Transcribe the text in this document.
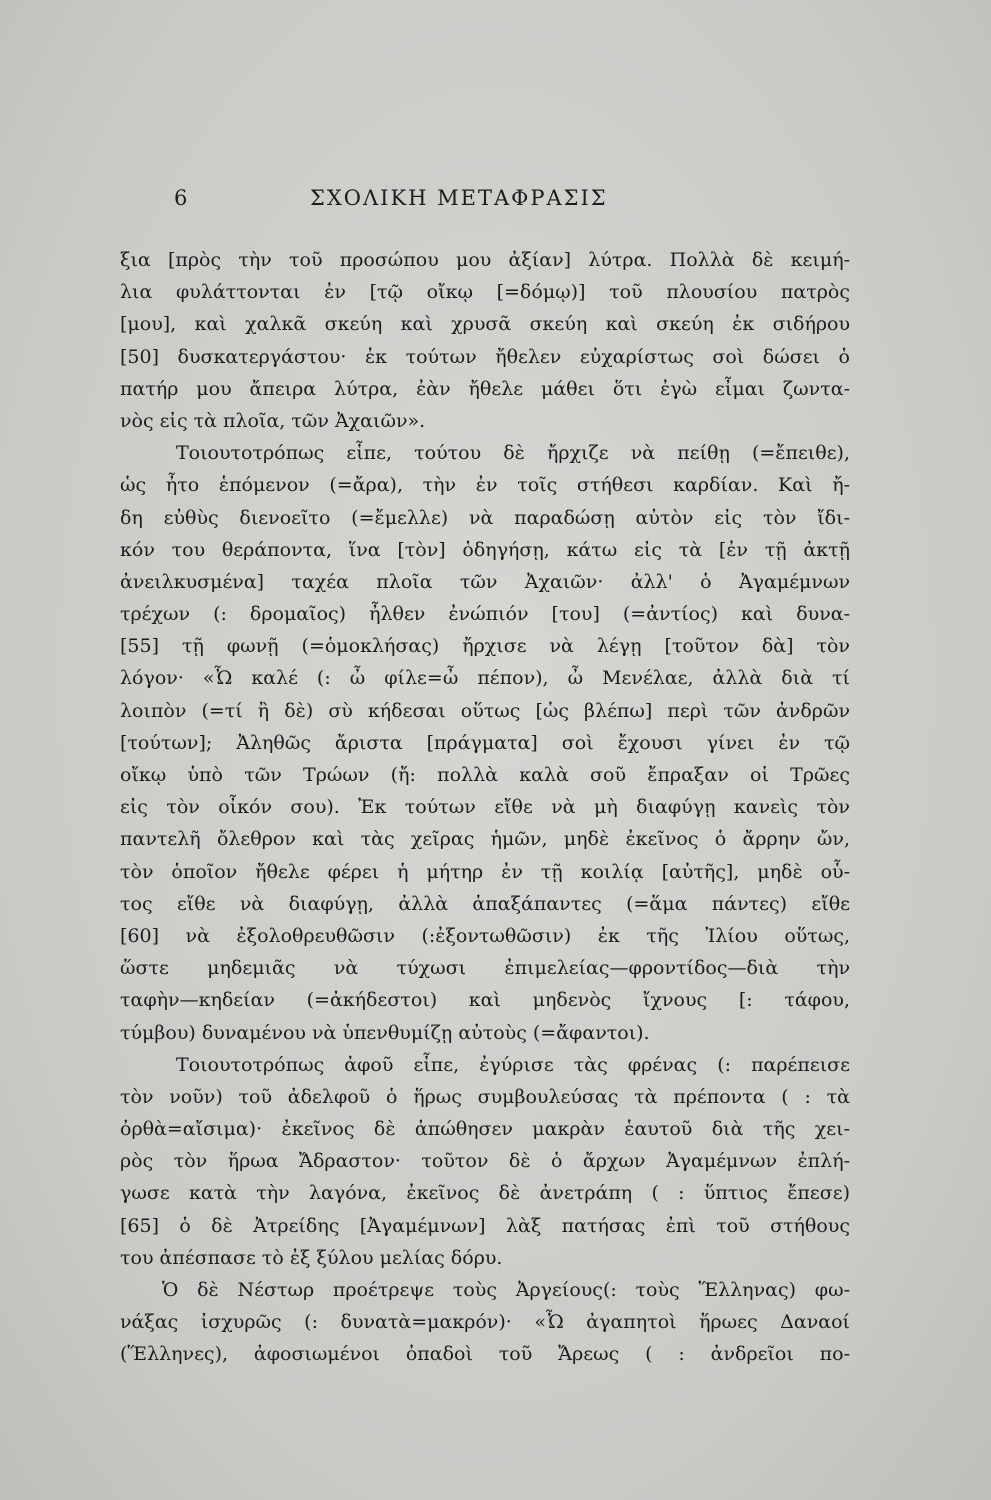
6	ΣΧΟΛΙΚΗ ΜΕΤΑΦΡΑΣΙΣ
ξια [πρὸς τὴν τοῦ προσώπου μου ἀξίαν] λύτρα. Πολλὰ δὲ κειμή-
λια φυλάττονται ἐν [τῷ οἴκῳ [=δόμῳ)] τοῦ πλουσίου πατρὸς
[μου], καὶ χαλκᾶ σκεύη καὶ χρυσᾶ σκεύη καὶ σκεύη ἐκ σιδήρου
[50] δυσκατεργάστου· ἐκ τούτων ἤθελεν εὐχαρίστως σοὶ δώσει ὁ
πατήρ μου ἄπειρα λύτρα, ἐὰν ἤθελε μάθει ὅτι ἐγὼ εἶμαι ζωντα-
νὸς εἰς τὰ πλοῖα, τῶν Ἀχαιῶν».
Τοιουτοτρόπως εἶπε, τούτου δὲ ἤρχιζε νὰ πείθῃ (=ἔπειθε),
ὡς ἦτο ἑπόμενον (=ἄρα), τὴν ἐν τοῖς στήθεσι καρδίαν. Καὶ ἤ-
δη εὐθὺς διενοεῖτο (=ἔμελλε) νὰ παραδώσῃ αὐτὸν εἰς τὸν ἴδι-
κόν του θεράποντα, ἵνα [τὸν] ὁδηγήσῃ, κάτω εἰς τὰ [ἐν τῇ ἀκτῇ
ἀνειλκυσμένα] ταχέα πλοῖα τῶν Ἀχαιῶν· ἀλλ' ὁ Ἀγαμέμνων
τρέχων (: δρομαῖος) ἦλθεν ἐνώπιόν [του] (=ἀντίος) καὶ δυνα-
[55] τῇ φωνῇ (=ὁμοκλήσας) ἤρχισε νὰ λέγῃ [τοῦτον δὰ] τὸν
λόγον· «Ὦ καλέ (: ὦ φίλε=ὦ πέπον), ὦ Μενέλαε, ἀλλὰ διὰ τί
λοιπὸν (=τί ἢ δὲ) σὺ κήδεσαι οὕτως [ὡς βλέπω] περὶ τῶν ἀνδρῶν
[τούτων]; Ἀληθῶς ἄριστα [πράγματα] σοὶ ἔχουσι γίνει ἐν τῷ
οἴκῳ ὑπὸ τῶν Τρώων (ἤ: πολλὰ καλὰ σοῦ ἔπραξαν οἱ Τρῶες
εἰς τὸν οἶκόν σου). Ἐκ τούτων εἴθε νὰ μὴ διαφύγῃ κανεὶς τὸν
παντελῆ ὄλεθρον καὶ τὰς χεῖρας ἡμῶν, μηδὲ ἐκεῖνος ὁ ἄρρην ὤν,
τὸν ὁποῖον ἤθελε φέρει ἡ μήτηρ ἐν τῇ κοιλίᾳ [αὐτῆς], μηδὲ οὗ-
τος εἴθε νὰ διαφύγῃ, ἀλλὰ ἁπαξάπαντες (=ἅμα πάντες) εἴθε
[60] νὰ ἐξολοθρευθῶσιν (:ἐξοντωθῶσιν) ἐκ τῆς Ἰλίου οὕτως,
ὥστε μηδεμιᾶς νὰ τύχωσι ἐπιμελείας—φροντίδος—διὰ τὴν
ταφὴν—κηδείαν (=ἀκήδεστοι) καὶ μηδενὸς ἴχνους [: τάφου,
τύμβου) δυναμένου νὰ ὑπενθυμίζῃ αὐτοὺς (=ἄφαντοι).
Τοιουτοτρόπως ἀφοῦ εἶπε, ἐγύρισε τὰς φρένας (: παρέπεισε
τὸν νοῦν) τοῦ ἀδελφοῦ ὁ ἥρως συμβουλεύσας τὰ πρέποντα ( : τὰ
ὀρθὰ=αἴσιμα)· ἐκεῖνος δὲ ἀπώθησεν μακρὰν ἑαυτοῦ διὰ τῆς χει-
ρὸς τὸν ἥρωα Ἄδραστον· τοῦτον δὲ ὁ ἄρχων Ἀγαμέμνων ἐπλή-
γωσε κατὰ τὴν λαγόνα, ἐκεῖνος δὲ ἀνετράπη ( : ὕπτιος ἔπεσε)
[65] ὁ δὲ Ἀτρείδης [Ἀγαμέμνων] λὰξ πατήσας ἐπὶ τοῦ στήθους
του ἀπέσπασε τὸ ἐξ ξύλου μελίας δόρυ.
Ὁ δὲ Νέστωρ προέτρεψε τοὺς Ἀργείους(: τοὺς Ἕλληνας) φω-
νάξας ἰσχυρῶς (: δυνατὰ=μακρόν)· «Ὦ ἀγαπητοὶ ἥρωες Δαναοί
(Ἕλληνες), ἀφοσιωμένοι ὀπαδοὶ τοῦ Ἄρεως ( : ἀνδρεῖοι πο-
